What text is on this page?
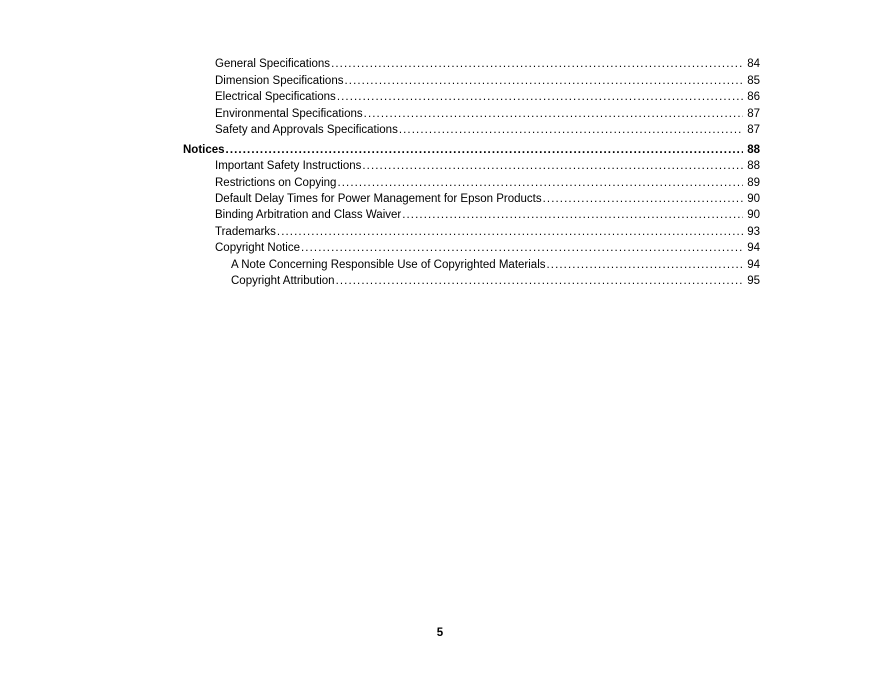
General Specifications .....	84
Dimension Specifications .....	85
Electrical Specifications .....	86
Environmental Specifications .....	87
Safety and Approvals Specifications .....	87
Notices .....	88
Important Safety Instructions .....	88
Restrictions on Copying .....	89
Default Delay Times for Power Management for Epson Products .....	90
Binding Arbitration and Class Waiver .....	90
Trademarks .....	93
Copyright Notice .....	94
A Note Concerning Responsible Use of Copyrighted Materials .....	94
Copyright Attribution .....	95
5
